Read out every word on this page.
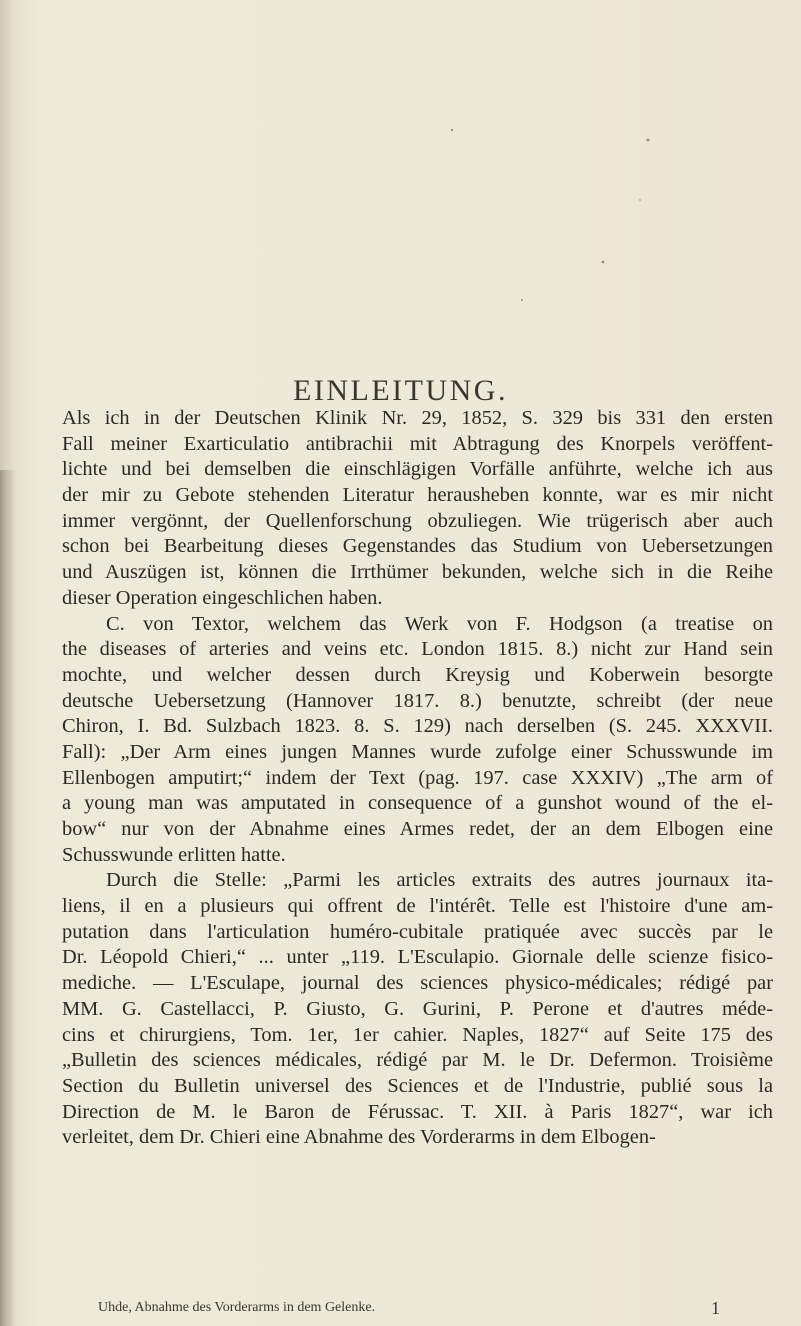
EINLEITUNG.
Als ich in der Deutschen Klinik Nr. 29, 1852, S. 329 bis 331 den ersten
Fall meiner Exarticulatio antibrachii mit Abtragung des Knorpels veröffent-
lichte und bei demselben die einschlägigen Vorfälle anführte, welche ich aus
der mir zu Gebote stehenden Literatur herausheben konnte, war es mir nicht
immer vergönnt, der Quellenforschung obzuliegen. Wie trügerisch aber auch
schon bei Bearbeitung dieses Gegenstandes das Studium von Uebersetzungen
und Auszügen ist, können die Irrthümer bekunden, welche sich in die Reihe
dieser Operation eingeschlichen haben.
C. von Textor, welchem das Werk von F. Hodgson (a treatise on
the diseases of arteries and veins etc. London 1815. 8.) nicht zur Hand sein
mochte, und welcher dessen durch Kreysig und Koberwein besorgte
deutsche Uebersetzung (Hannover 1817. 8.) benutzte, schreibt (der neue
Chiron, I. Bd. Sulzbach 1823. 8. S. 129) nach derselben (S. 245. XXXVII.
Fall): „Der Arm eines jungen Mannes wurde zufolge einer Schusswunde im
Ellenbogen amputirt;“ indem der Text (pag. 197. case XXXIV) „The arm of
a young man was amputated in consequence of a gunshot wound of the el-
bow“ nur von der Abnahme eines Armes redet, der an dem Elbogen eine
Schusswunde erlitten hatte.
Durch die Stelle: „Parmi les articles extraits des autres journaux ita-
liens, il en a plusieurs qui offrent de l'intérêt. Telle est l'histoire d'une am-
putation dans l'articulation huméro-cubitale pratiquée avec succès par le
Dr. Léopold Chieri,“ ... unter „119. L'Esculapio. Giornale delle scienze fisico-
mediche. — L'Esculape, journal des sciences physico-médicales; rédigé par
MM. G. Castellacci, P. Giusto, G. Gurini, P. Perone et d'autres méde-
cins et chirurgiens, Tom. 1er, 1er cahier. Naples, 1827“ auf Seite 175 des
„Bulletin des sciences médicales, rédigé par M. le Dr. Defermon. Troisième
Section du Bulletin universel des Sciences et de l'Industrie, publié sous la
Direction de M. le Baron de Férussac. T. XII. à Paris 1827“, war ich
verleitet, dem Dr. Chieri eine Abnahme des Vorderarms in dem Elbogen-
Uhde, Abnahme des Vorderarms in dem Gelenke.	1
